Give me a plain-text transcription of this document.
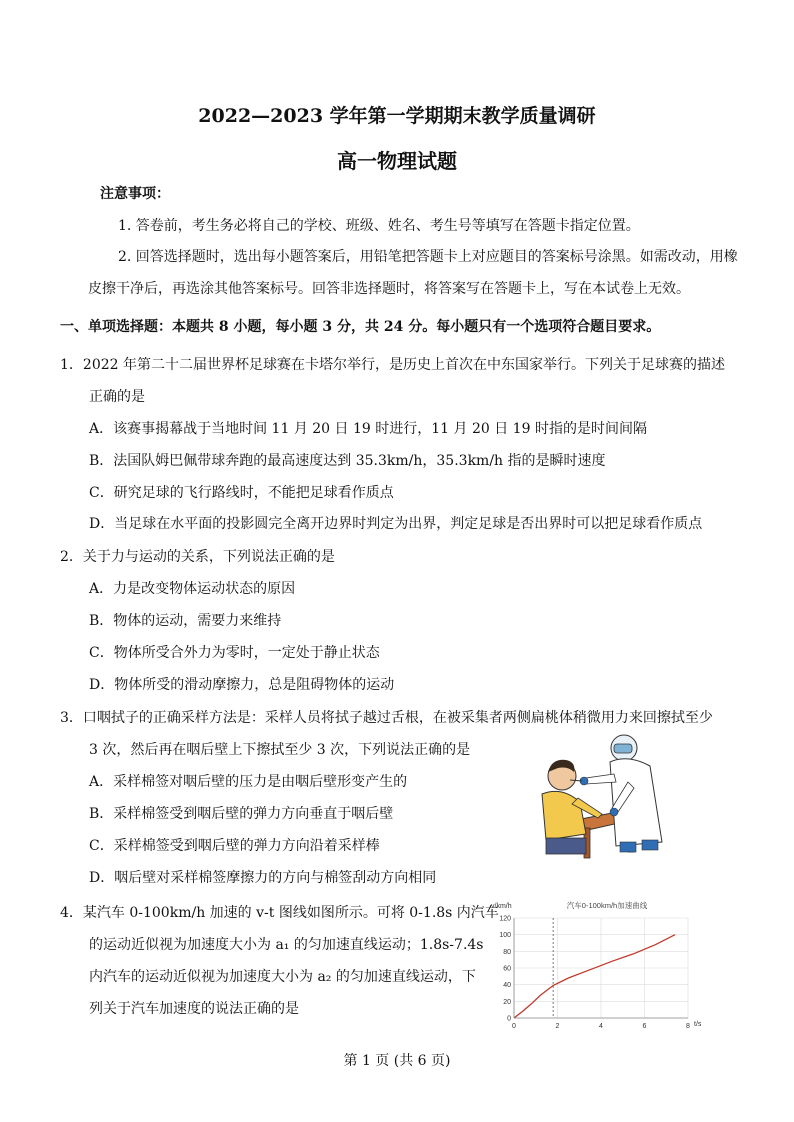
2022—2023 学年第一学期期末教学质量调研
高一物理试题
注意事项：
1. 答卷前，考生务必将自己的学校、班级、姓名、考生号等填写在答题卡指定位置。
2. 回答选择题时，选出每小题答案后，用铅笔把答题卡上对应题目的答案标号涂黑。如需改动，用橡
皮擦干净后，再选涂其他答案标号。回答非选择题时，将答案写在答题卡上，写在本试卷上无效。
一、单项选择题：本题共 8 小题，每小题 3 分，共 24 分。每小题只有一个选项符合题目要求。
1．2022 年第二十二届世界杯足球赛在卡塔尔举行，是历史上首次在中东国家举行。下列关于足球赛的描述
正确的是
A．该赛事揭幕战于当地时间 11 月 20 日 19 时进行，11 月 20 日 19 时指的是时间间隔
B．法国队姆巴佩带球奔跑的最高速度达到 35.3km/h，35.3km/h 指的是瞬时速度
C．研究足球的飞行路线时，不能把足球看作质点
D．当足球在水平面的投影圆完全离开边界时判定为出界，判定足球是否出界时可以把足球看作质点
2．关于力与运动的关系，下列说法正确的是
A．力是改变物体运动状态的原因
B．物体的运动，需要力来维持
C．物体所受合外力为零时，一定处于静止状态
D．物体所受的滑动摩擦力，总是阻碍物体的运动
3．口咽拭子的正确采样方法是：采样人员将拭子越过舌根，在被采集者两侧扁桃体稍微用力来回擦拭至少
3 次，然后再在咽后壁上下擦拭至少 3 次，下列说法正确的是
A．采样棉签对咽后壁的压力是由咽后壁形变产生的
B．采样棉签受到咽后壁的弹力方向垂直于咽后壁
C．采样棉签受到咽后壁的弹力方向沿着采样棒
D．咽后壁对采样棉签摩擦力的方向与棉签刮动方向相同
4．某汽车 0-100km/h 加速的 v-t 图线如图所示。可将 0-1.8s 内汽车
的运动近似视为加速度大小为 a₁ 的匀加速直线运动；1.8s-7.4s
内汽车的运动近似视为加速度大小为 a₂ 的匀加速直线运动，下
列关于汽车加速度的说法正确的是
0	2	4	6	8
0
20
40
60
80
100
120
汽车0-100km/h加速曲线
v/km/h
t/s
第 1 页 (共 6 页)
